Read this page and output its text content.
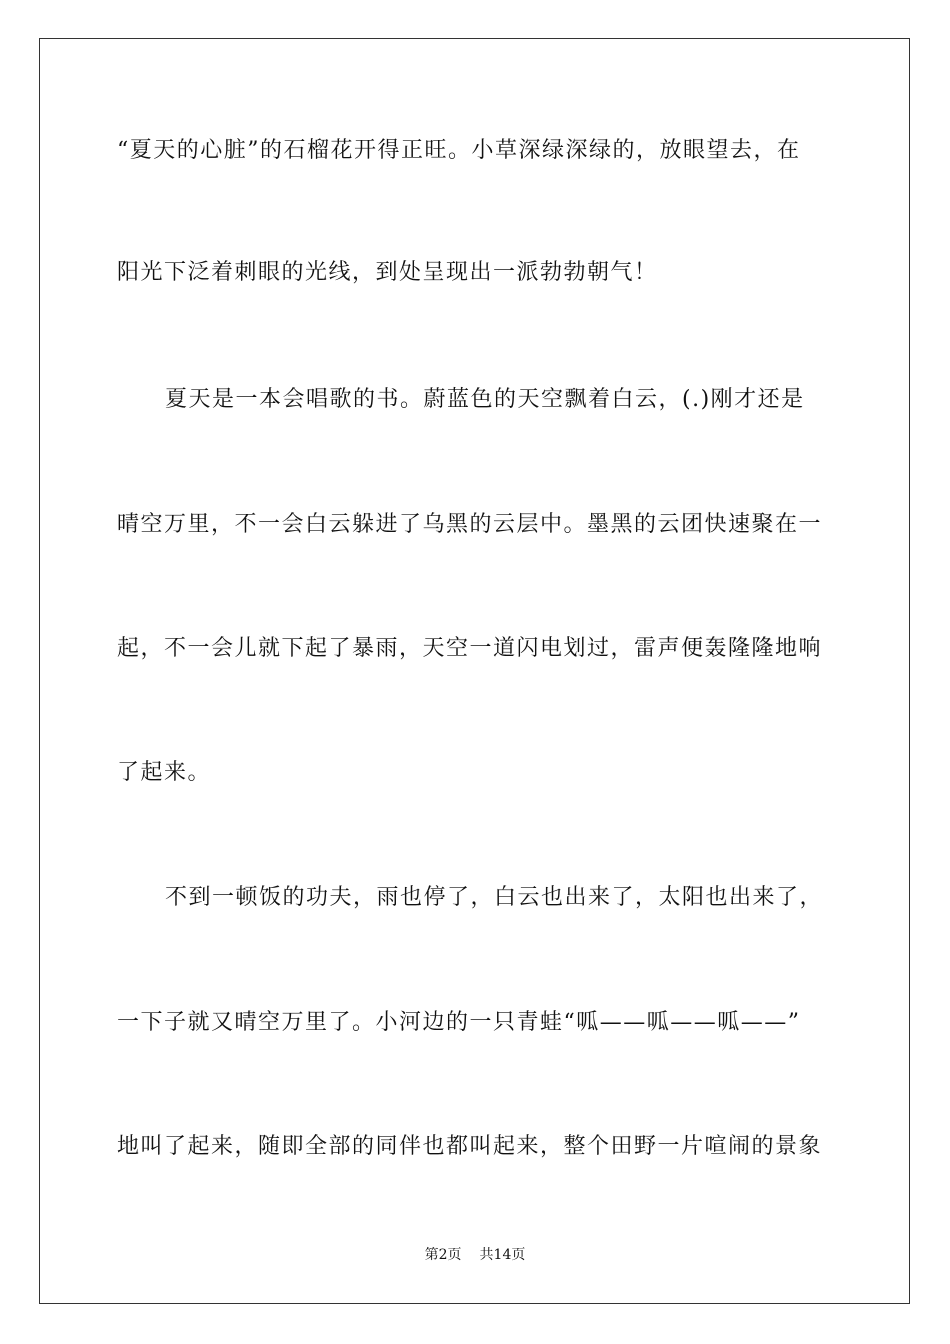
“夏天的心脏”的石榴花开得正旺。小草深绿深绿的，放眼望去，在
阳光下泛着刺眼的光线，到处呈现出一派勃勃朝气！
夏天是一本会唱歌的书。蔚蓝色的天空飘着白云，(.)刚才还是
晴空万里，不一会白云躲进了乌黑的云层中。墨黑的云团快速聚在一
起，不一会儿就下起了暴雨，天空一道闪电划过，雷声便轰隆隆地响
了起来。
不到一顿饭的功夫，雨也停了，白云也出来了，太阳也出来了，
一下子就又晴空万里了。小河边的一只青蛙“呱——呱——呱——”
地叫了起来，随即全部的同伴也都叫起来，整个田野一片喧闹的景象
第2页 共14页
